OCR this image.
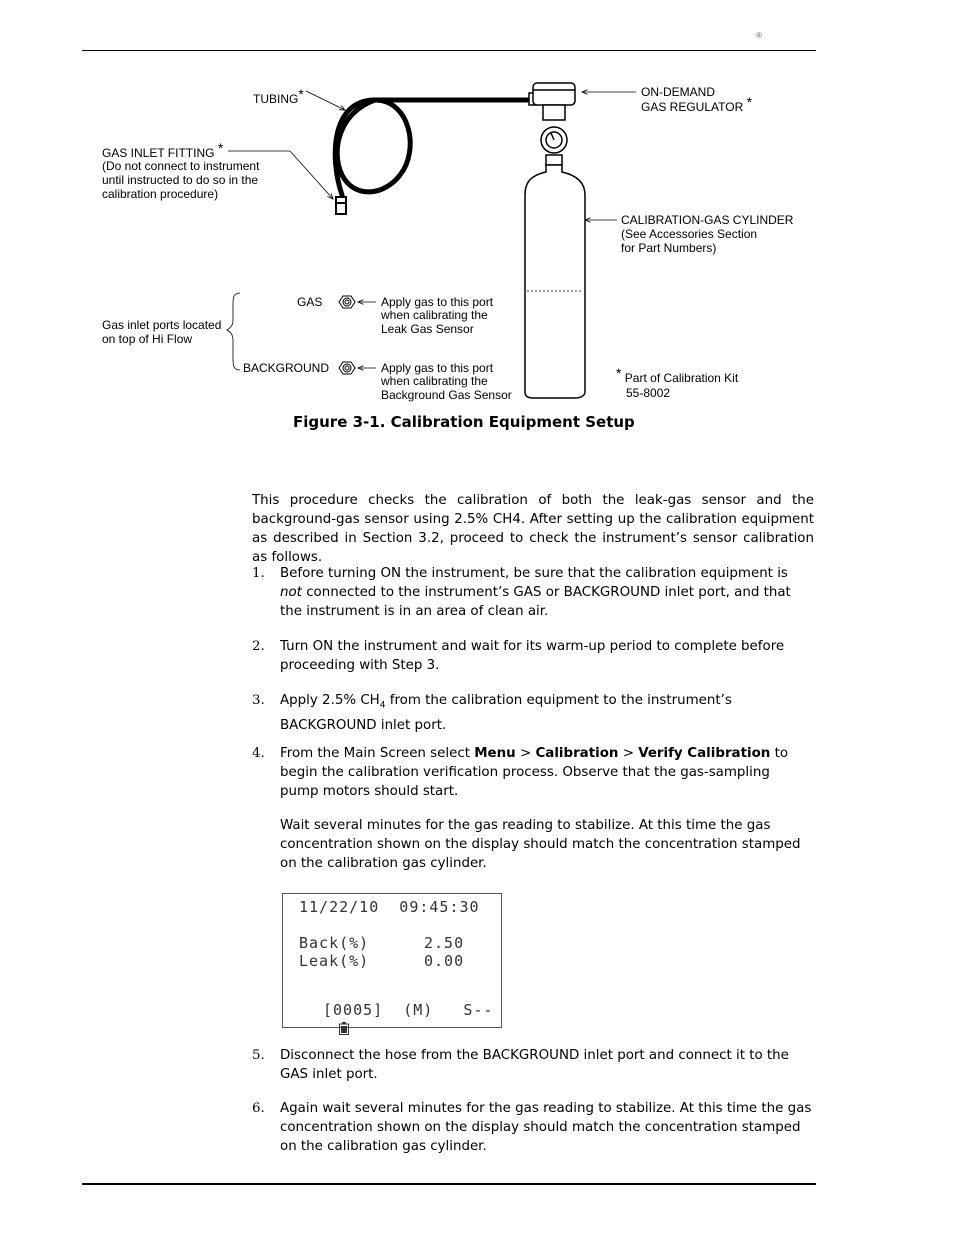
®
TUBING*	ON-DEMAND
GAS REGULATOR *
GAS INLET FITTING *
(Do not connect to instrument
until instructed to do so in the
calibration procedure)
CALIBRATION-GAS CYLINDER
(See Accessories Section
for Part Numbers)
Gas inlet ports located
on top of Hi Flow
GAS	Apply gas to this port
when calibrating the
Leak Gas Sensor
BACKGROUND	Apply gas to this port
when calibrating the
Background Gas Sensor
* Part of Calibration Kit
55-8002
Figure 3-1. Calibration Equipment Setup
This procedure checks the calibration of both the leak-gas sensor and the background-gas sensor using 2.5% CH4. After setting up the calibration equipment as described in Section 3.2, proceed to check the instrument’s sensor calibration as follows.
1. Before turning ON the instrument, be sure that the calibration equipment is not connected to the instrument’s GAS or BACKGROUND inlet port, and that the instrument is in an area of clean air.
2. Turn ON the instrument and wait for its warm-up period to complete before proceeding with Step 3.
3. Apply 2.5% $CH_4$ from the calibration equipment to the instrument’s BACKGROUND inlet port.
4. From the Main Screen select Menu > Calibration > Verify Calibration to begin the calibration verification process. Observe that the gas-sampling pump motors should start.
Wait several minutes for the gas reading to stabilize. At this time the gas concentration shown on the display should match the concentration stamped on the calibration gas cylinder.
11/22/10  09:45:30
Back(%)	2.50
Leak(%)	0.00

[0005]  (M)   S--
5. Disconnect the hose from the BACKGROUND inlet port and connect it to the GAS inlet port.
6. Again wait several minutes for the gas reading to stabilize. At this time the gas concentration shown on the display should match the concentration stamped on the calibration gas cylinder.
